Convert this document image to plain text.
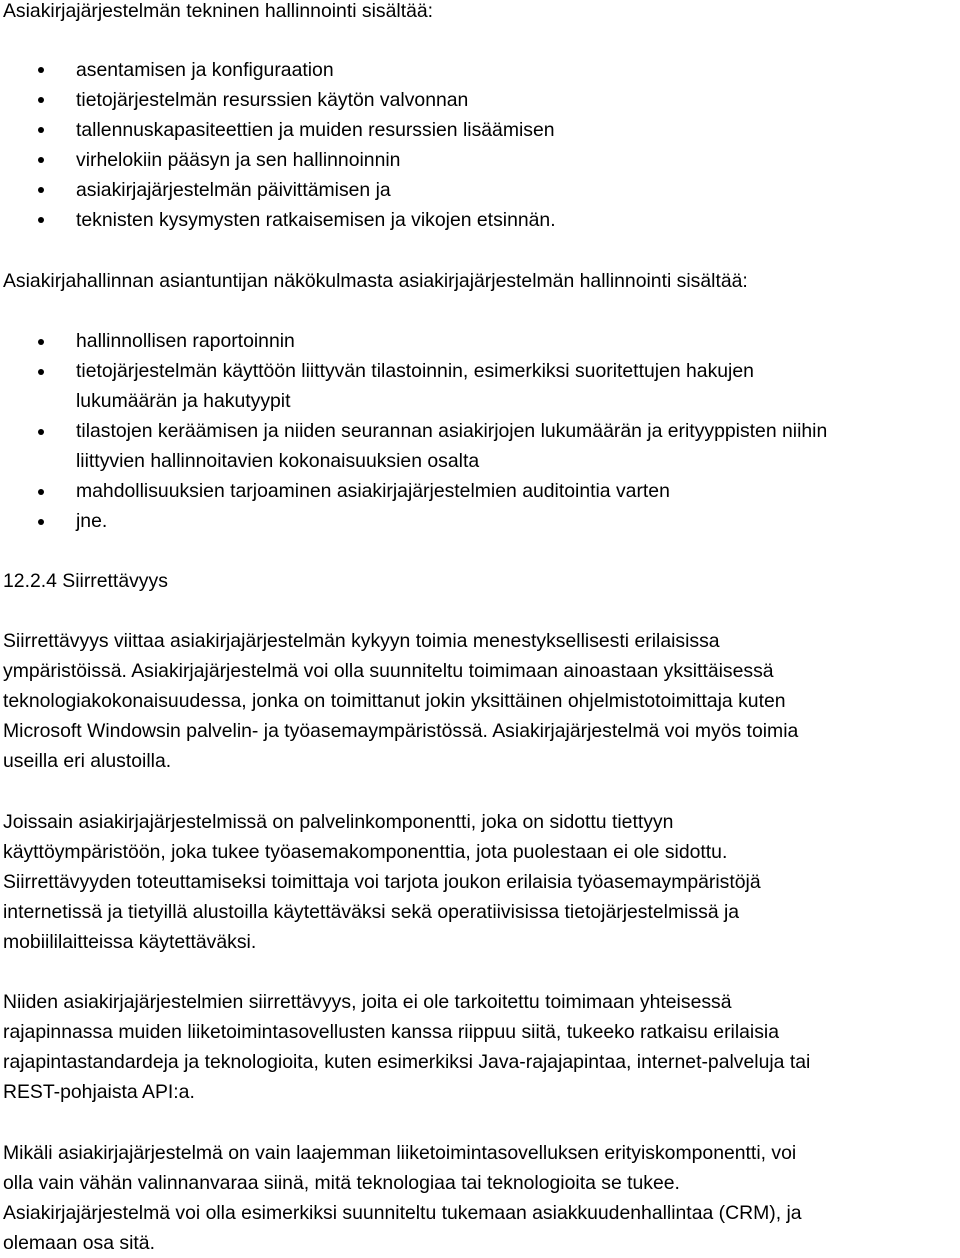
Asiakirjajärjestelmän tekninen hallinnointi sisältää:
asentamisen ja konfiguraation
tietojärjestelmän resurssien käytön valvonnan
tallennuskapasiteettien ja muiden resurssien lisäämisen
virhelokiin pääsyn ja sen hallinnoinnin
asiakirjajärjestelmän päivittämisen ja
teknisten kysymysten ratkaisemisen ja vikojen etsinnän.
Asiakirjahallinnan asiantuntijan näkökulmasta asiakirjajärjestelmän hallinnointi sisältää:
hallinnollisen raportoinnin
tietojärjestelmän käyttöön liittyvän tilastoinnin, esimerkiksi suoritettujen hakujen
lukumäärän ja hakutyypit
tilastojen keräämisen ja niiden seurannan asiakirjojen lukumäärän ja erityyppisten niihin
liittyvien hallinnoitavien kokonaisuuksien osalta
mahdollisuuksien tarjoaminen asiakirjajärjestelmien auditointia varten
jne.
12.2.4 Siirrettävyys
Siirrettävyys viittaa asiakirjajärjestelmän kykyyn toimia menestyksellisesti erilaisissa
ympäristöissä. Asiakirjajärjestelmä voi olla suunniteltu toimimaan ainoastaan yksittäisessä
teknologiakokonaisuudessa, jonka on toimittanut jokin yksittäinen ohjelmistotoimittaja kuten
Microsoft Windowsin palvelin- ja työasemaympäristössä. Asiakirjajärjestelmä voi myös toimia
useilla eri alustoilla.
Joissain asiakirjajärjestelmissä on palvelinkomponentti, joka on sidottu tiettyyn
käyttöympäristöön, joka tukee työasemakomponenttia, jota puolestaan ei ole sidottu.
Siirrettävyyden toteuttamiseksi toimittaja voi tarjota joukon erilaisia työasemaympäristöjä
internetissä ja tietyillä alustoilla käytettäväksi sekä operatiivisissa tietojärjestelmissä ja
mobiililaitteissa käytettäväksi.
Niiden asiakirjajärjestelmien siirrettävyys, joita ei ole tarkoitettu toimimaan yhteisessä
rajapinnassa muiden liiketoimintasovellusten kanssa riippuu siitä, tukeeko ratkaisu erilaisia
rajapintastandardeja ja teknologioita, kuten esimerkiksi Java-rajajapintaa, internet-palveluja tai
REST-pohjaista API:a.
Mikäli asiakirjajärjestelmä on vain laajemman liiketoimintasovelluksen erityiskomponentti, voi
olla vain vähän valinnanvaraa siinä, mitä teknologiaa tai teknologioita se tukee.
Asiakirjajärjestelmä voi olla esimerkiksi suunniteltu tukemaan asiakkuudenhallintaa (CRM), ja
olemaan osa sitä.
